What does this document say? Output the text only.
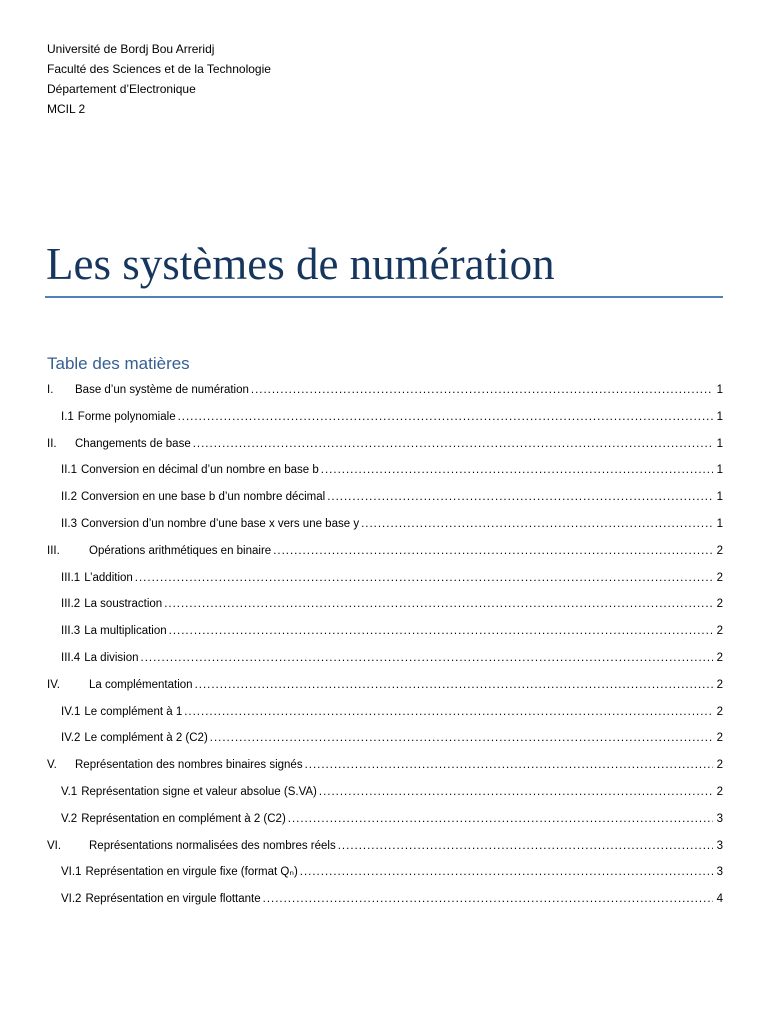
Université de Bordj Bou Arreridj
Faculté des Sciences et de la Technologie
Département d’Electronique
MCIL 2
Les systèmes de numération
Table des matières
I.	Base d’un système de numération .....	1
I.1 Forme polynomiale .....	1
II.	Changements de base .....	1
II.1 Conversion en décimal d’un nombre en base b .....	1
II.2 Conversion en une base b d’un nombre décimal .....	1
II.3 Conversion d’un nombre d’une base x vers une base y .....	1
III.	Opérations arithmétiques en binaire .....	2
III.1 L’addition .....	2
III.2 La soustraction .....	2
III.3 La multiplication .....	2
III.4 La division .....	2
IV.	La complémentation .....	2
IV.1 Le complément à 1 .....	2
IV.2 Le complément à 2 (C2) .....	2
V.	Représentation des nombres binaires signés .....	2
V.1 Représentation signe et valeur absolue (S.VA) .....	2
V.2 Représentation en complément à 2 (C2) .....	3
VI.	Représentations normalisées des nombres réels .....	3
VI.1 Représentation en virgule fixe (format Qₙ) .....	3
VI.2 Représentation en virgule flottante .....	4
